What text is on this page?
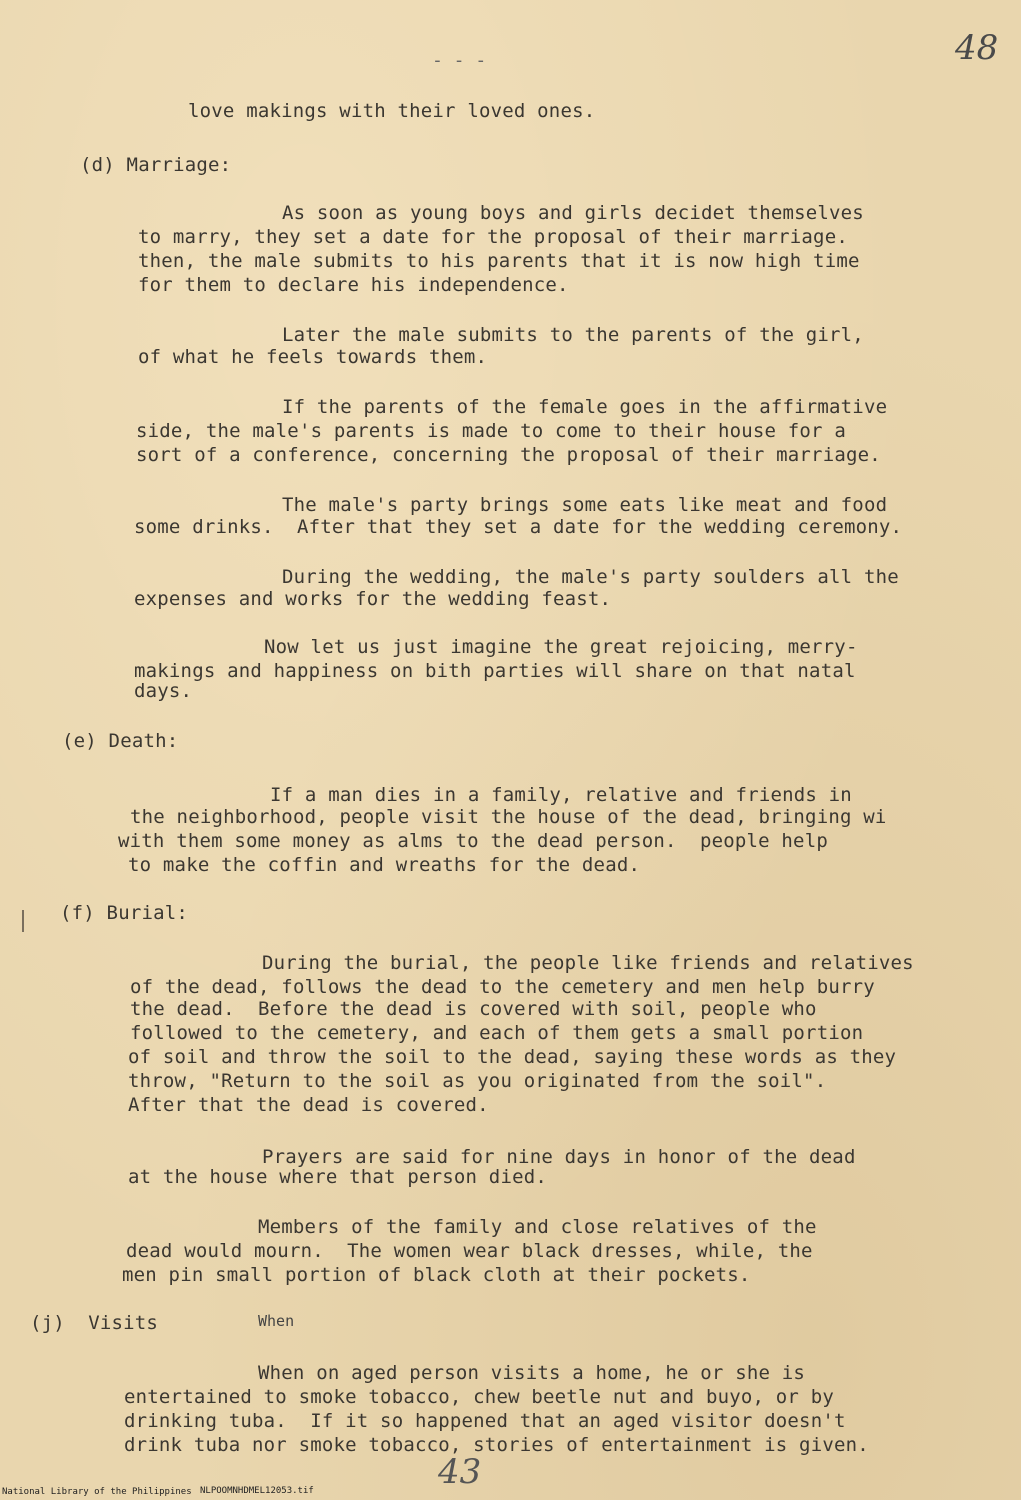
48
- - -
love makings with their loved ones.
(d) Marriage:
As soon as young boys and girls decidet themselves
to marry, they set a date for the proposal of their marriage.
then, the male submits to his parents that it is now high time
for them to declare his independence.
Later the male submits to the parents of the girl,
of what he feels towards them.
If the parents of the female goes in the affirmative
side, the male's parents is made to come to their house for a
sort of a conference, concerning the proposal of their marriage.
The male's party brings some eats like meat and food
some drinks.  After that they set a date for the wedding ceremony.
During the wedding, the male's party soulders all the
expenses and works for the wedding feast.
Now let us just imagine the great rejoicing, merry-
makings and happiness on bith parties will share on that natal
days.
(e) Death:
If a man dies in a family, relative and friends in
the neighborhood, people visit the house of the dead, bringing wi
with them some money as alms to the dead person.  people help
to make the coffin and wreaths for the dead.
(f) Burial:
During the burial, the people like friends and relatives
of the dead, follows the dead to the cemetery and men help burry
the dead.  Before the dead is covered with soil, people who
followed to the cemetery, and each of them gets a small portion
of soil and throw the soil to the dead, saying these words as they
throw, "Return to the soil as you originated from the soil".
After that the dead is covered.
Prayers are said for nine days in honor of the dead
at the house where that person died.
Members of the family and close relatives of the
dead would mourn.  The women wear black dresses, while, the
men pin small portion of black cloth at their pockets.
(j)  Visits	When
When on aged person visits a home, he or she is
entertained to smoke tobacco, chew beetle nut and buyo, or by
drinking tuba.  If it so happened that an aged visitor doesn't
drink tuba nor smoke tobacco, stories of entertainment is given.
43
National Library of the Philippines NLPOOMNHDMEL12053.tif
